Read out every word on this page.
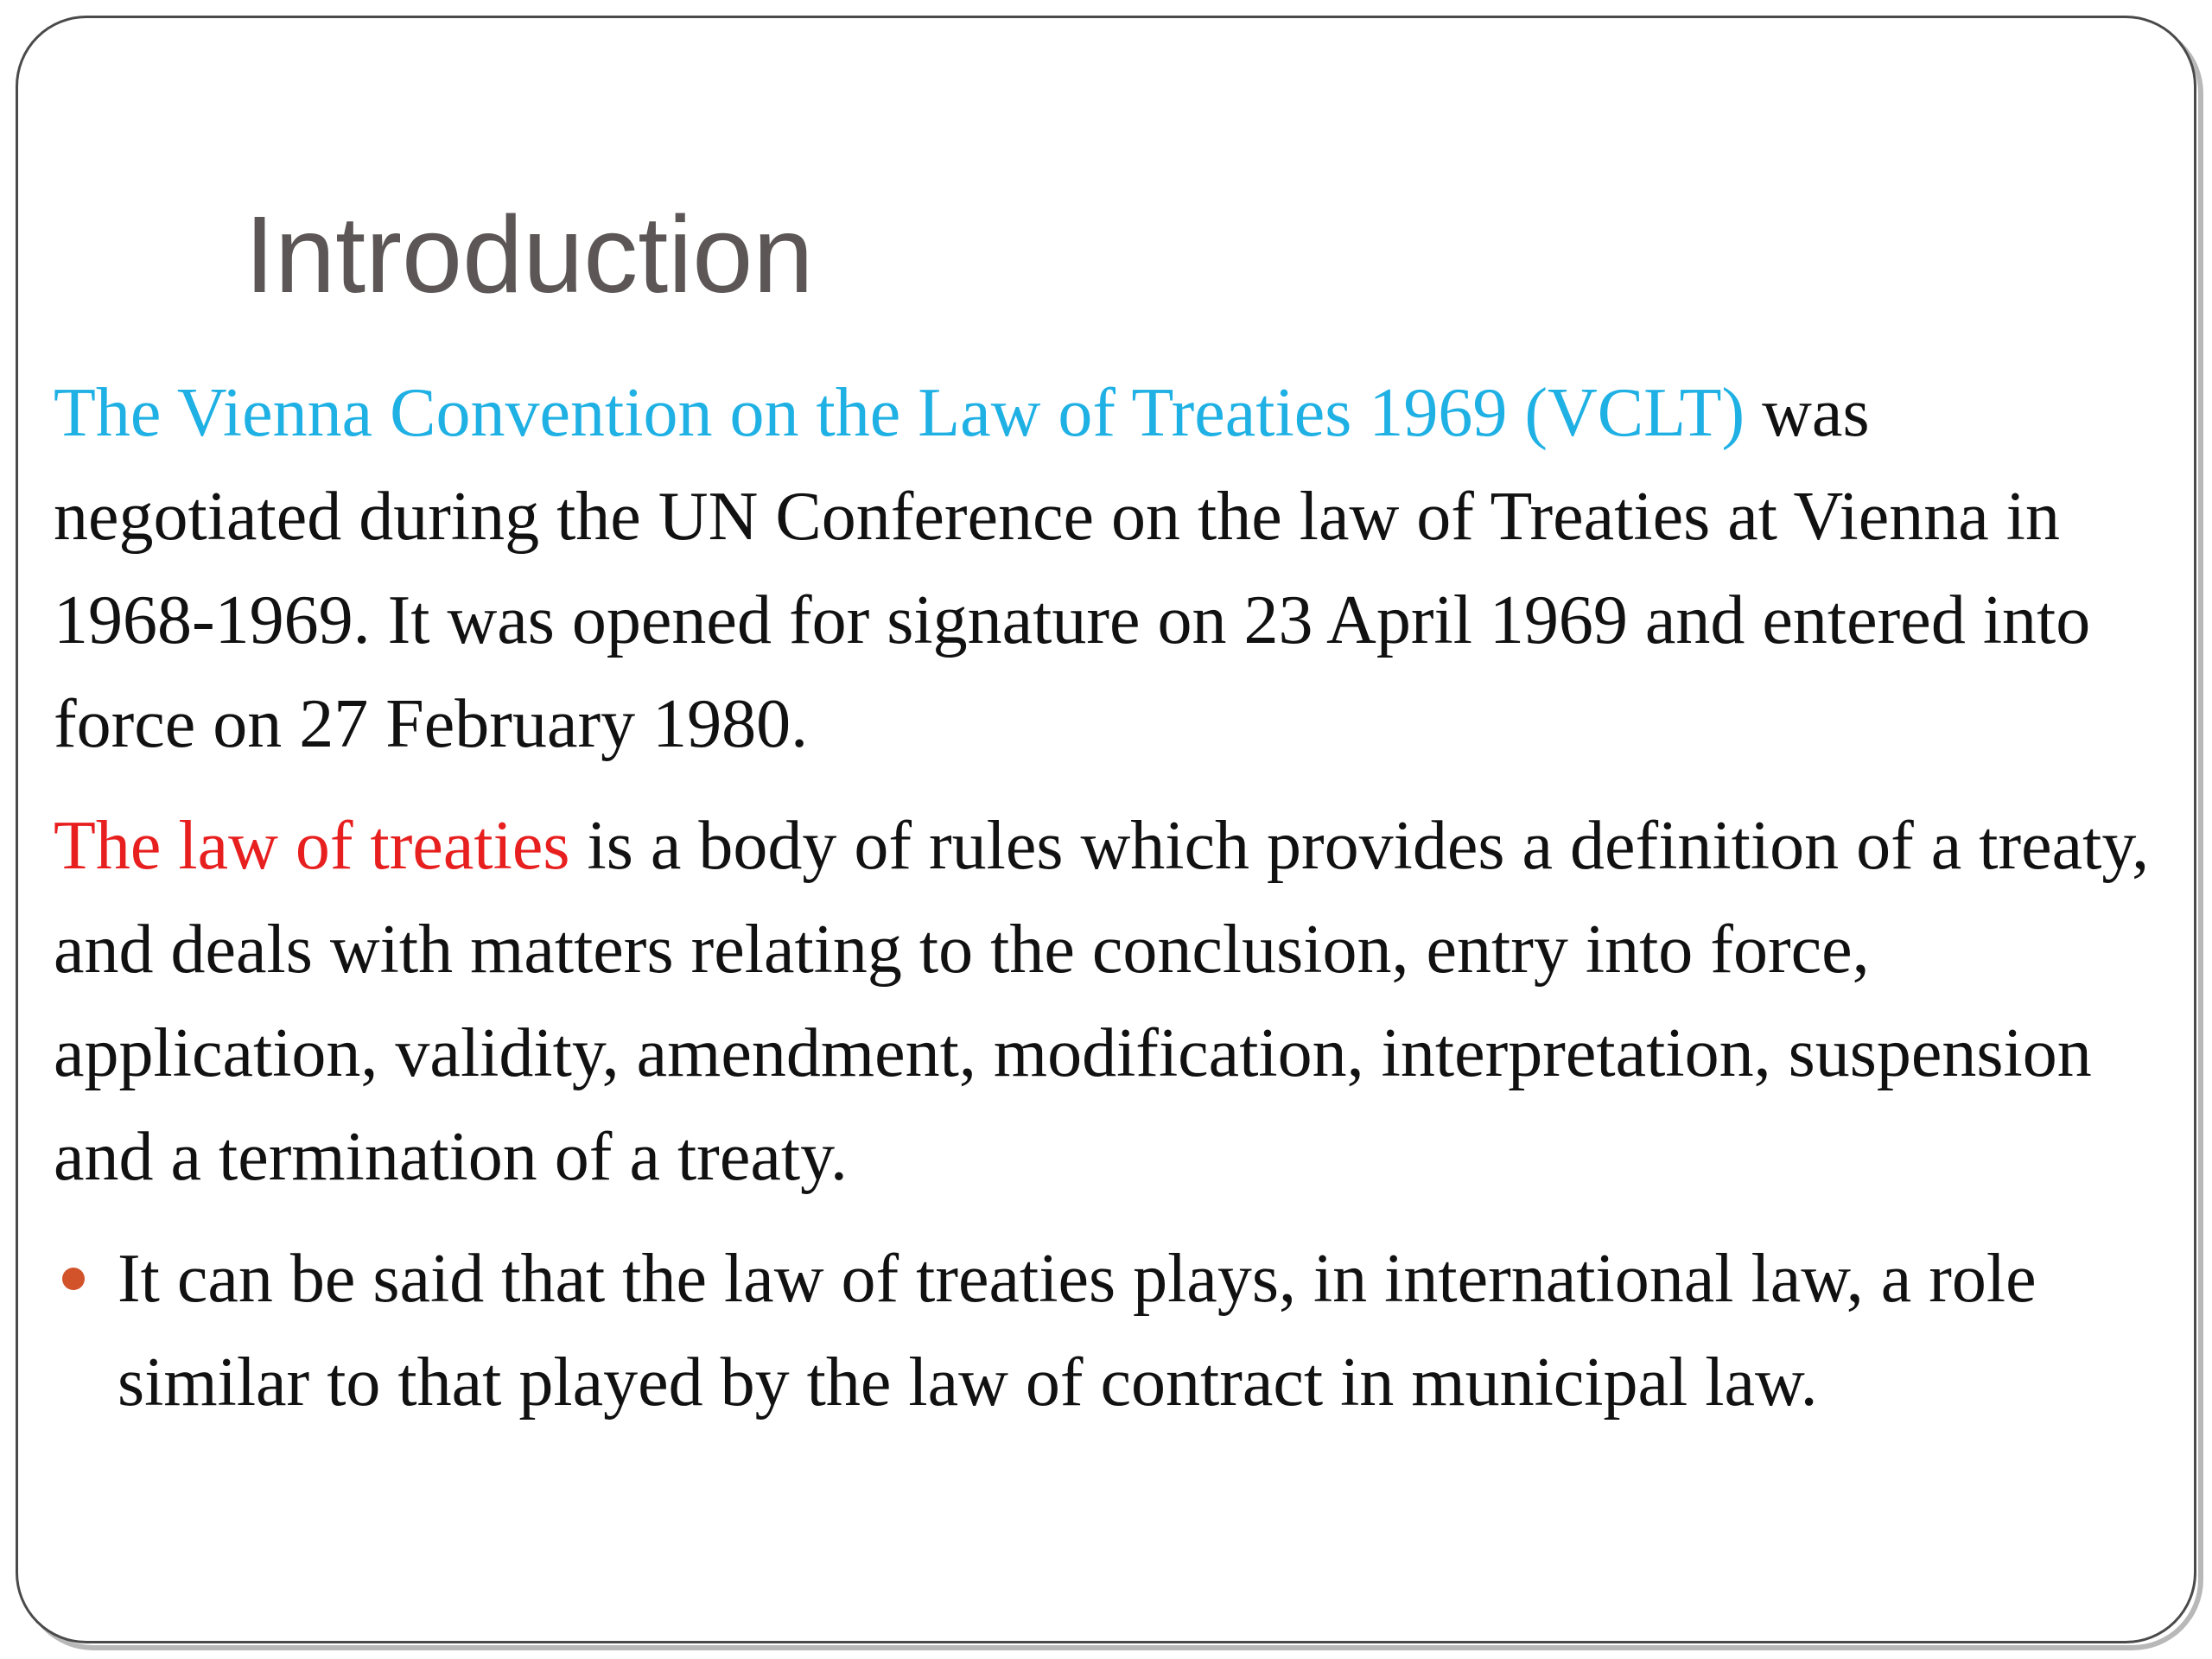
Introduction

The Vienna Convention on the Law of Treaties 1969 (VCLT) was negotiated during the UN Conference on the law of Treaties at Vienna in 1968-1969. It was opened for signature on 23 April 1969 and entered into force on 27 February 1980.

The law of treaties is a body of rules which provides a definition of a treaty, and deals with matters relating to the conclusion, entry into force, application, validity, amendment, modification, interpretation, suspension and a termination of a treaty.

It can be said that the law of treaties plays, in international law, a role similar to that played by the law of contract in municipal law.
